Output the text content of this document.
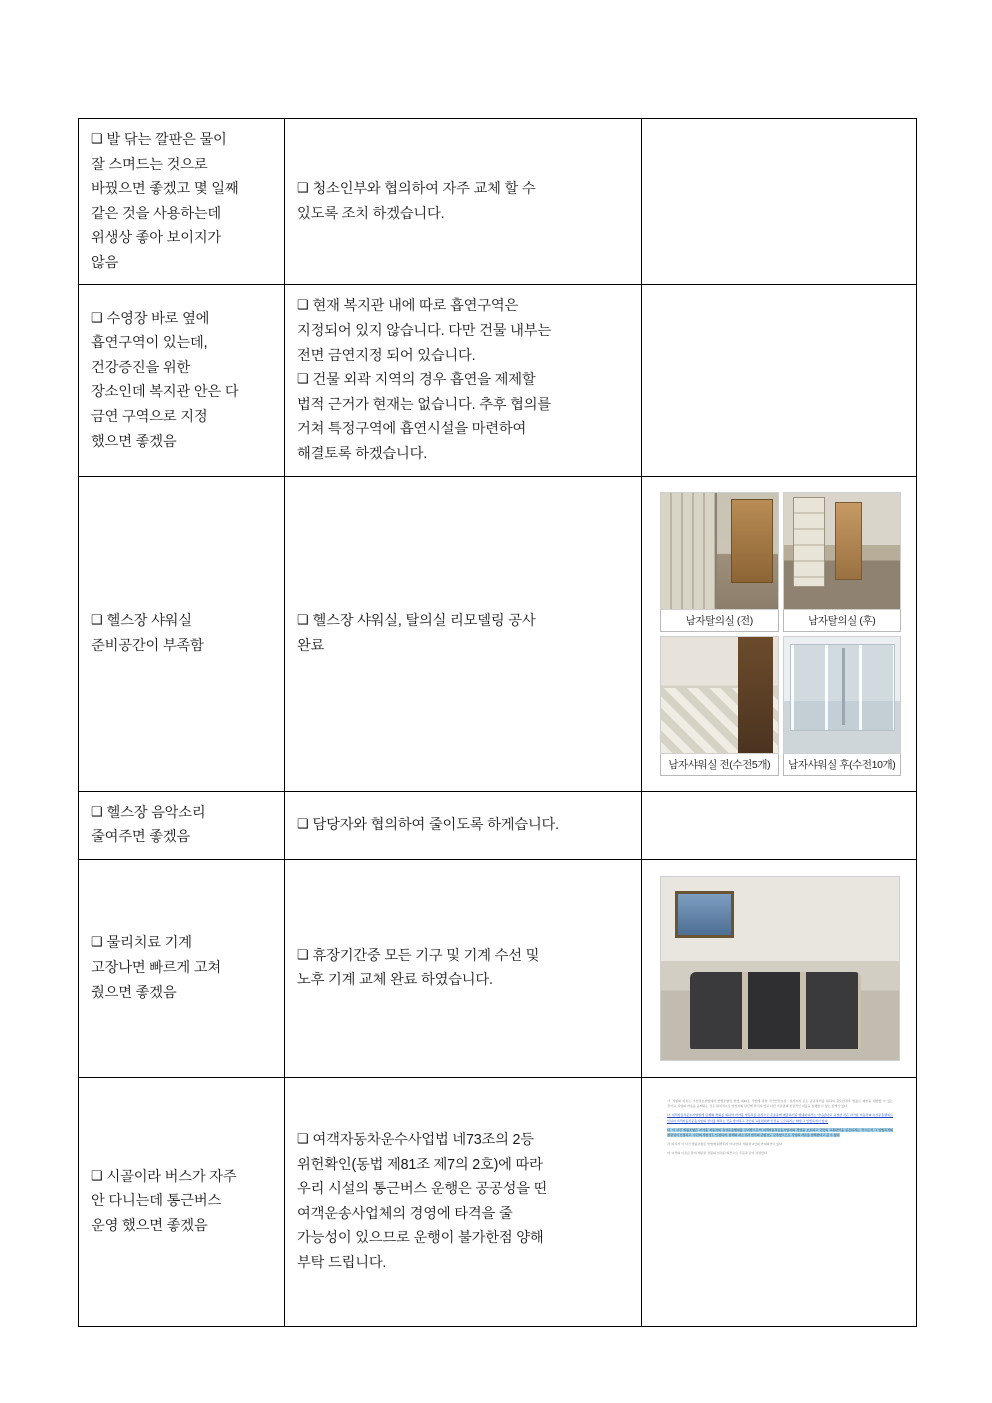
❑ 발 닦는 깔판은 물이
잘 스며드는 것으로
바꿨으면 좋겠고 몇 일째
같은 것을 사용하는데
위생상 좋아 보이지가
않음
	❑ 청소인부와 협의하여 자주 교체 할 수
있도록 조치 하겠습니다.

❑ 수영장 바로 옆에
흡연구역이 있는데,
건강증진을 위한
장소인데 복지관 안은 다
금연 구역으로 지정
했으면 좋겠음
	❑ 현재 복지관 내에 따로 흡연구역은
지정되어 있지 않습니다. 다만 건물 내부는
전면 금연지정 되어 있습니다.
❑ 건물 외곽 지역의 경우 흡연을 제제할
법적 근거가 현재는 없습니다. 추후 협의를
거쳐 특정구역에 흡연시설을 마련하여
해결토록 하겠습니다.

❑ 헬스장 샤워실
준비공간이 부족함
	❑ 헬스장 샤워실, 탈의실 리모델링 공사
완료

남자탈의실 (전)	남자탈의실 (후)
남자샤워실 전(수전5개)	남자샤워실 후(수전10개)

❑ 헬스장 음악소리
줄여주면 좋겠음	❑ 담당자와 협의하여 줄이도록 하게습니다.	
❑ 물리치료 기계
고장나면 빠르게 고쳐
줬으면 좋겠음	❑ 휴장기간중 모든 기구 및 기계 수선 및
노후 기계 교체 완료 하였습니다.	

❑ 시골이라 버스가 자주
안 다니는데 통근버스
운영 했으면 좋겠음
	❑ 여객자동차운수사업법 네73조의 2등
위헌확인(동법 제81조 제7의 2호)에 따라
우리 시설의 통근버스 운행은 공공성을 띤
여객운송사업체의 경영에 타격을 줄
가능성이 있으므로 운행이 불가한점 양해
부탁 드립니다.

가. 직업의 자유는 기본권보장법에서 헌법조항인 헌법 제15조 직업에 관한 국가안전보장ㆍ질서유지 또는 공공복리를 위하여 필요한경우 법률로 제한을 제한할 수 있는 것이고, 직업의 자유를 규제하는 것은 원칙적으로 입법자의 판단에 맡겨져 있고 다만 기본권의 본질적인 내용을 침해할 수 없는 한계가 있다.

나. 여객자동차운수사업법에 '운행의 편의를 위하여 자가용 자동차를 유상으로 운송용에 제공하거나 임대하여서는 아니된다'고 규정한 것은 자가용 자동차의 유상운송행위로 인하여 여객자동차운송사업의 질서를 해치는 것을 방지하고 국민의 교통편의와 안전을 도모하려는 데에 그 입법목적이 있다.

다. 이 사건 법률조항은 자가용 자동차의 유상운송행위를 금지함으로써 여객자동차운송사업자의 경영을 보호하고 국민의 교통편익을 증진하려는 것으로서 그 입법목적의 정당성이 인정되고, 수단의 적합성도 인정되며, 침해의 최소성과 법익의 균형성도 갖추었으므로 직업의 자유를 침해한다고 볼 수 없다.

라. 따라서 이 사건 법률조항은 헌법에 위반되지 아니한다. 재판관 2인의 반대의견이 있다.

마. 이상의 이유로 관여 재판관 전원의 일치된 의견으로 주문과 같이 결정한다.
